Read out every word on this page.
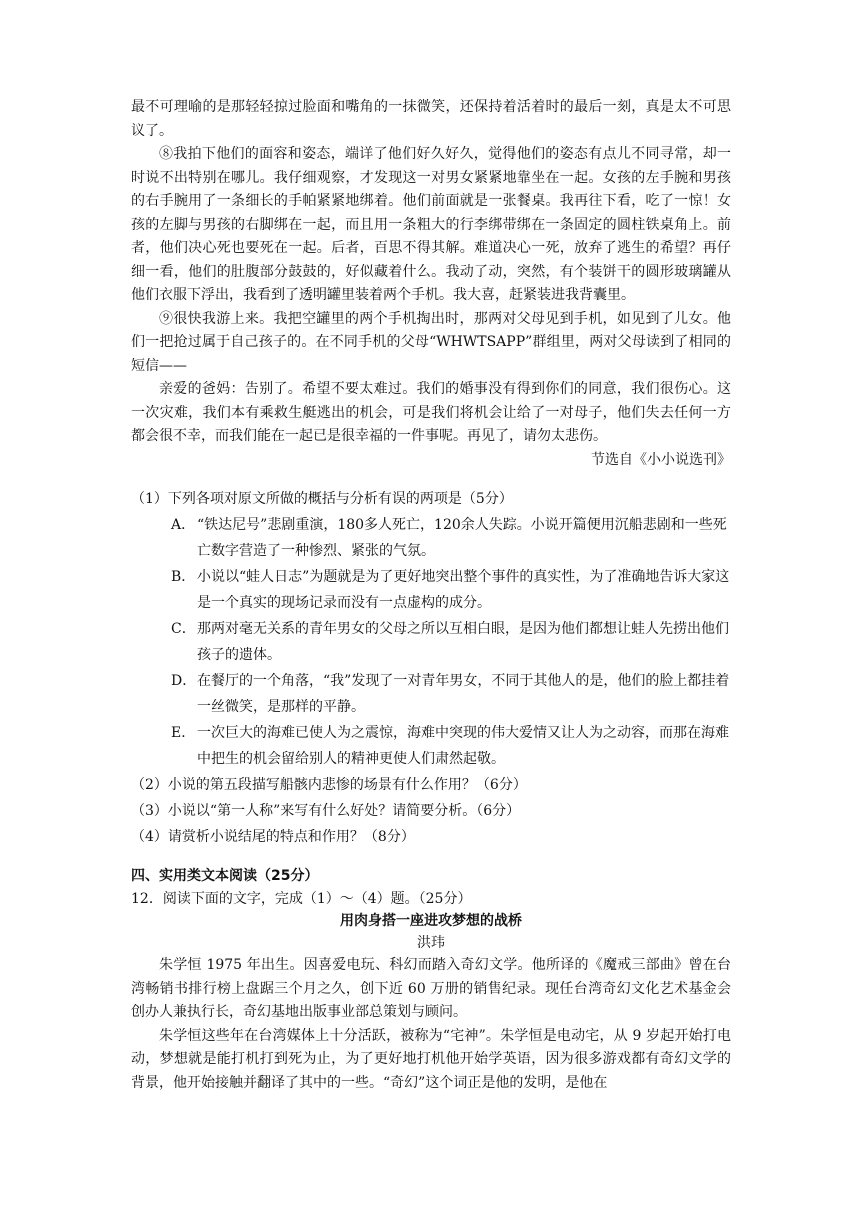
最不可理喻的是那轻轻掠过脸面和嘴角的一抹微笑，还保持着活着时的最后一刻，真是太不可思议了。

⑧我拍下他们的面容和姿态，端详了他们好久好久，觉得他们的姿态有点儿不同寻常，却一时说不出特别在哪儿。我仔细观察，才发现这一对男女紧紧地靠坐在一起。女孩的左手腕和男孩的右手腕用了一条细长的手帕紧紧地绑着。他们前面就是一张餐桌。我再往下看，吃了一惊！女孩的左脚与男孩的右脚绑在一起，而且用一条粗大的行李绑带绑在一条固定的圆柱铁桌角上。前者，他们决心死也要死在一起。后者，百思不得其解。难道决心一死，放弃了逃生的希望？再仔细一看，他们的肚腹部分鼓鼓的，好似藏着什么。我动了动，突然，有个装饼干的圆形玻璃罐从他们衣服下浮出，我看到了透明罐里装着两个手机。我大喜，赶紧装进我背囊里。

⑨很快我游上来。我把空罐里的两个手机掏出时，那两对父母见到手机，如见到了儿女。他们一把抢过属于自己孩子的。在不同手机的父母“WHWTSAPP”群组里，两对父母读到了相同的短信——

亲爱的爸妈：告别了。希望不要太难过。我们的婚事没有得到你们的同意，我们很伤心。这一次灾难，我们本有乘救生艇逃出的机会，可是我们将机会让给了一对母子，他们失去任何一方都会很不幸，而我们能在一起已是很幸福的一件事呢。再见了，请勿太悲伤。

节选自《小小说选刊》

（1）下列各项对原文所做的概括与分析有误的两项是（5分）

A． “铁达尼号”悲剧重演，180多人死亡，120余人失踪。小说开篇便用沉船悲剧和一些死亡数字营造了一种惨烈、紧张的气氛。

B． 小说以“蛙人日志”为题就是为了更好地突出整个事件的真实性，为了准确地告诉大家这是一个真实的现场记录而没有一点虚构的成分。

C．那两对毫无关系的青年男女的父母之所以互相白眼，是因为他们都想让蛙人先捞出他们孩子的遗体。

D．在餐厅的一个角落，“我”发现了一对青年男女，不同于其他人的是，他们的脸上都挂着一丝微笑，是那样的平静。

E． 一次巨大的海难已使人为之震惊，海难中突现的伟大爱情又让人为之动容，而那在海难中把生的机会留给别人的精神更使人们肃然起敬。

（2）小说的第五段描写船骸内悲惨的场景有什么作用？（6分）

（3）小说以“第一人称”来写有什么好处？请简要分析。（6分）

（4）请赏析小说结尾的特点和作用？（8分）

四、实用类文本阅读（25分）

12．阅读下面的文字，完成（1）～（4）题。（25分）

用肉身搭一座进攻梦想的战桥

洪玮

朱学恒 1975 年出生。因喜爱电玩、科幻而踏入奇幻文学。他所译的《魔戒三部曲》曾在台湾畅销书排行榜上盘踞三个月之久，创下近 60 万册的销售纪录。现任台湾奇幻文化艺术基金会创办人兼执行长，奇幻基地出版事业部总策划与顾问。

朱学恒这些年在台湾媒体上十分活跃，被称为“宅神”。朱学恒是电动宅，从 9 岁起开始打电动，梦想就是能打机打到死为止，为了更好地打机他开始学英语，因为很多游戏都有奇幻文学的背景，他开始接触并翻译了其中的一些。“奇幻”这个词正是他的发明，是他在
